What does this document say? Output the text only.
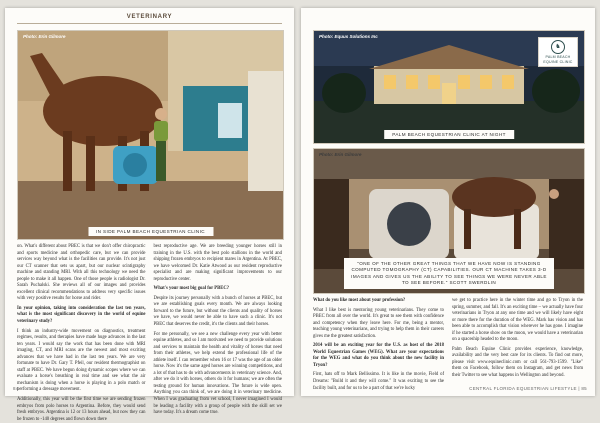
VETERINARY
Photo: Erin Gilmore
IN SIDE PALM BEACH EQUESTRIAN CLINIC

on. What's different about PBEC is that we don't offer chiropractic and sports medicine and orthopedic care, but we can provide services way beyond what is the facilities can provide. It's not just our CT scanner that sets us apart, but our nuclear scintigraphy machine and standing MRI. With all this technology we need the people to make it all happen. One of those people is radiologist Dr. Sarah Puchalski. She reviews all of our images and provides excellent clinical recommendations to address very specific issues with very positive results for horse and rider.

In your opinion, taking into consideration the last ten years, what is the most significant discovery in the world of equine veterinary study?

I think an industry-wide movement on diagnostics, treatment regimes, results, and therapies have made huge advances in the last ten years. I would say the work that has been done with MRI imaging, CT, and MRI scans are the newest and most exciting advances that we have had in the last ten years. We are very fortunate to have Dr. Gary T. Pfeil, our resident thermographist on staff at PBEC. We have begun doing dynamic scopes where we can evaluate a horse's breathing in real time and see what the air mechanism is doing when a horse is playing in a polo match or performing a dressage movement.

Additionally, this year will be the first time we are sending frozen embryos from polo horses to Argentina. Before, they would send fresh embryos. Argentina is 12 or 13 hours ahead, but now they can be frozen to -140 degrees and flown down there

best reproductive age. We are breeding younger horses still in training in the U.S. with the best polo stallions in the world and shipping frozen embryos to recipient mares in Argentina. At PBEC, we have welcomed Dr. Katie Atwood as our resident reproductive specialist and are making significant improvements to our reproductive center.

What's your most big goal for PBEC?

Despite its journey personally with a bunch of horses at PBEC, but we are establishing goals every month. We are always looking forward to the future, but without the clients and quality of horses we have, we would never be able to have such a clinic. It's not PBEC that deserves the credit, it's the clients and their horses.

For me personally, we see a new challenge every year with better equine athletes, and so I am motivated we need to provide solutions and services to maintain the health and vitality of horses that need from their athletes, we help extend the professional life of the athlete itself. I can remember when 16 or 17 was the age of an older horse. Now it's the same aged horses are winning competitions, and a lot of that has to do with advancements in veterinary science. And, after we do it with horses, others do it for humans; we are often the testing ground for human innovations. The future is wide open. Anything you can think of, we are doing it in veterinary medicine. When I was graduating from vet school, I never imagined I would be leading a facility with a group of people with the skill set we have today. It's a dream come true.

84
Photo: Equus Solutions Inc
♞
PALM BEACH
EQUINE CLINIC
PALM BEACH EQUESTRIAN CLINIC AT NIGHT
Photo: Erin Gilmore
"ONE OF THE OTHER GREAT THINGS THAT WE HAVE NOW IS STANDING COMPUTED TOMOGRAPHY (CT) CAPABILITIES. OUR CT MACHINE TAKES 3-D IMAGES AND GIVES US THE ABILITY TO SEE THINGS WE WERE NEVER ABLE TO SEE BEFORE." SCOTT SWERDLIN

What do you like most about your profession?

What I like best is mentoring young veterinarians. They come to PBEC from all over the world. It's great to see them with confidence and competency when they leave here. For me, being a mentor, teaching young veterinarians, and trying to help them in their careers gives me the greatest satisfaction.

2014 will be an exciting year for the U.S. as host of the 2018 World Equestrian Games (WEG). What are your expectations for the WEG and what do you think about the new facility in Tryon?

First, hats off to Mark Bellissimo. It is like in the movie, Field of Dreams: "Build it and they will come." It was exciting to see the facility built, and for us to be a part of that we're lucky

we get to practice here in the winter time and go to Tryon in the spring, summer, and fall. It's an exciting time – we actually have four veterinarians in Tryon at any one time and we will likely have eight or more there for the duration of the WEG. Mark has vision and has been able to accomplish that vision wherever he has gone. I imagine if he started a horse show on the moon, we would have a veterinarian on a spaceship headed to the moon.

Palm Beach Equine Clinic provides experience, knowledge, availability and the very best care for its clients. To find out more, please visit www.equineclinic.com or call 561-793-1599. "Like" them on Facebook, follow them on Instagram, and get news from their Twitter to see what happens in Wellington and beyond.

CENTRAL FLORIDA EQUESTRIAN LIFESTYLE | 85
